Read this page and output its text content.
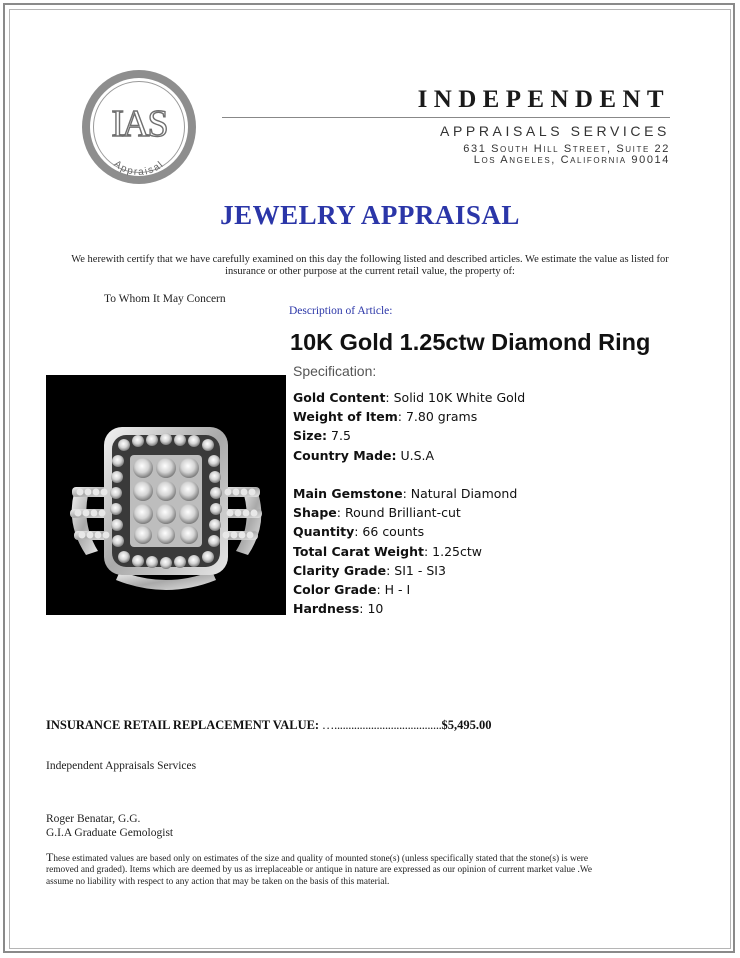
IAS
Appraisal
INDEPENDENT
APPRAISALS SERVICES
631 South Hill Street, Suite 22
Los Angeles, California 90014
JEWELRY APPRAISAL
We herewith certify that we have carefully examined on this day the following listed and described articles. We estimate the value as listed for insurance or other purpose at the current retail value, the property of:
To Whom It May Concern
Description of Article:
10K Gold 1.25ctw Diamond Ring
Specification:
Gold Content: Solid 10K White Gold
Weight of Item: 7.80 grams
Size: 7.5
Country Made: U.S.A
Main Gemstone: Natural Diamond
Shape: Round Brilliant-cut
Quantity: 66 counts
Total Carat Weight: 1.25ctw
Clarity Grade: SI1 - SI3
Color Grade: H - I
Hardness: 10
INSURANCE RETAIL REPLACEMENT VALUE: …......................................$5,495.00
Independent Appraisals Services
Roger Benatar, G.G.
G.I.A Graduate Gemologist
These estimated values are based only on estimates of the size and quality of mounted stone(s) (unless specifically stated that the stone(s) is were removed and graded). Items which are deemed by us as irreplaceable or antique in nature are expressed as our opinion of current market value .We assume no liability with respect to any action that may be taken on the basis of this material.
